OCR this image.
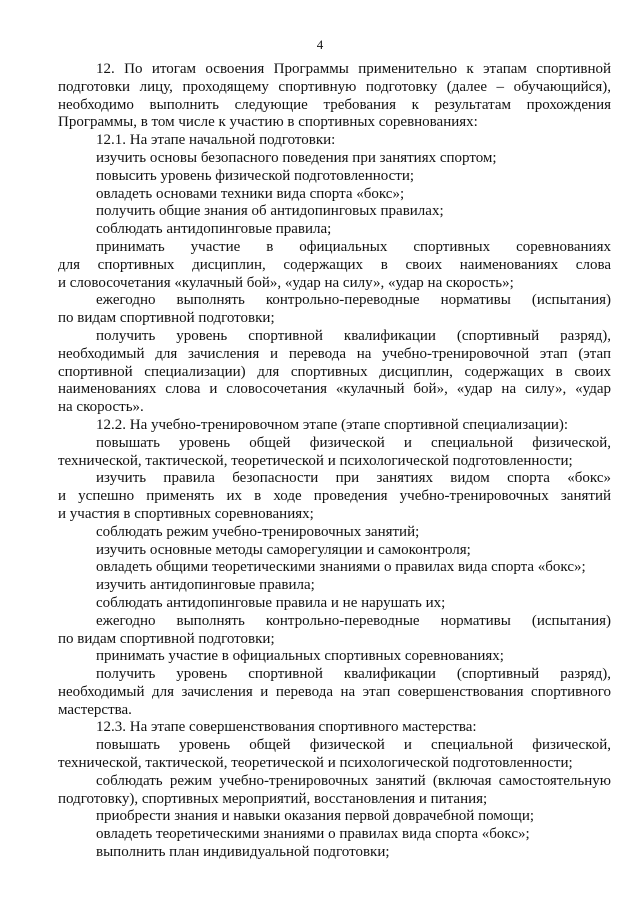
4
12. По итогам освоения Программы применительно к этапам спортивной
подготовки лицу, проходящему спортивную подготовку (далее – обучающийся),
необходимо выполнить следующие требования к результатам прохождения
Программы, в том числе к участию в спортивных соревнованиях:
12.1. На этапе начальной подготовки:
изучить основы безопасного поведения при занятиях спортом;
повысить уровень физической подготовленности;
овладеть основами техники вида спорта «бокс»;
получить общие знания об антидопинговых правилах;
соблюдать антидопинговые правила;
принимать участие в официальных спортивных соревнованиях
для спортивных дисциплин, содержащих в своих наименованиях слова
и словосочетания «кулачный бой», «удар на силу», «удар на скорость»;
ежегодно выполнять контрольно-переводные нормативы (испытания)
по видам спортивной подготовки;
получить уровень спортивной квалификации (спортивный разряд),
необходимый для зачисления и перевода на учебно-тренировочной этап (этап
спортивной специализации) для спортивных дисциплин, содержащих в своих
наименованиях слова и словосочетания «кулачный бой», «удар на силу», «удар
на скорость».
12.2. На учебно-тренировочном этапе (этапе спортивной специализации):
повышать уровень общей физической и специальной физической,
технической, тактической, теоретической и психологической подготовленности;
изучить правила безопасности при занятиях видом спорта «бокс»
и успешно применять их в ходе проведения учебно-тренировочных занятий
и участия в спортивных соревнованиях;
соблюдать режим учебно-тренировочных занятий;
изучить основные методы саморегуляции и самоконтроля;
овладеть общими теоретическими знаниями о правилах вида спорта «бокс»;
изучить антидопинговые правила;
соблюдать антидопинговые правила и не нарушать их;
ежегодно выполнять контрольно-переводные нормативы (испытания)
по видам спортивной подготовки;
принимать участие в официальных спортивных соревнованиях;
получить уровень спортивной квалификации (спортивный разряд),
необходимый для зачисления и перевода на этап совершенствования спортивного
мастерства.
12.3. На этапе совершенствования спортивного мастерства:
повышать уровень общей физической и специальной физической,
технической, тактической, теоретической и психологической подготовленности;
соблюдать режим учебно-тренировочных занятий (включая самостоятельную
подготовку), спортивных мероприятий, восстановления и питания;
приобрести знания и навыки оказания первой доврачебной помощи;
овладеть теоретическими знаниями о правилах вида спорта «бокс»;
выполнить план индивидуальной подготовки;
